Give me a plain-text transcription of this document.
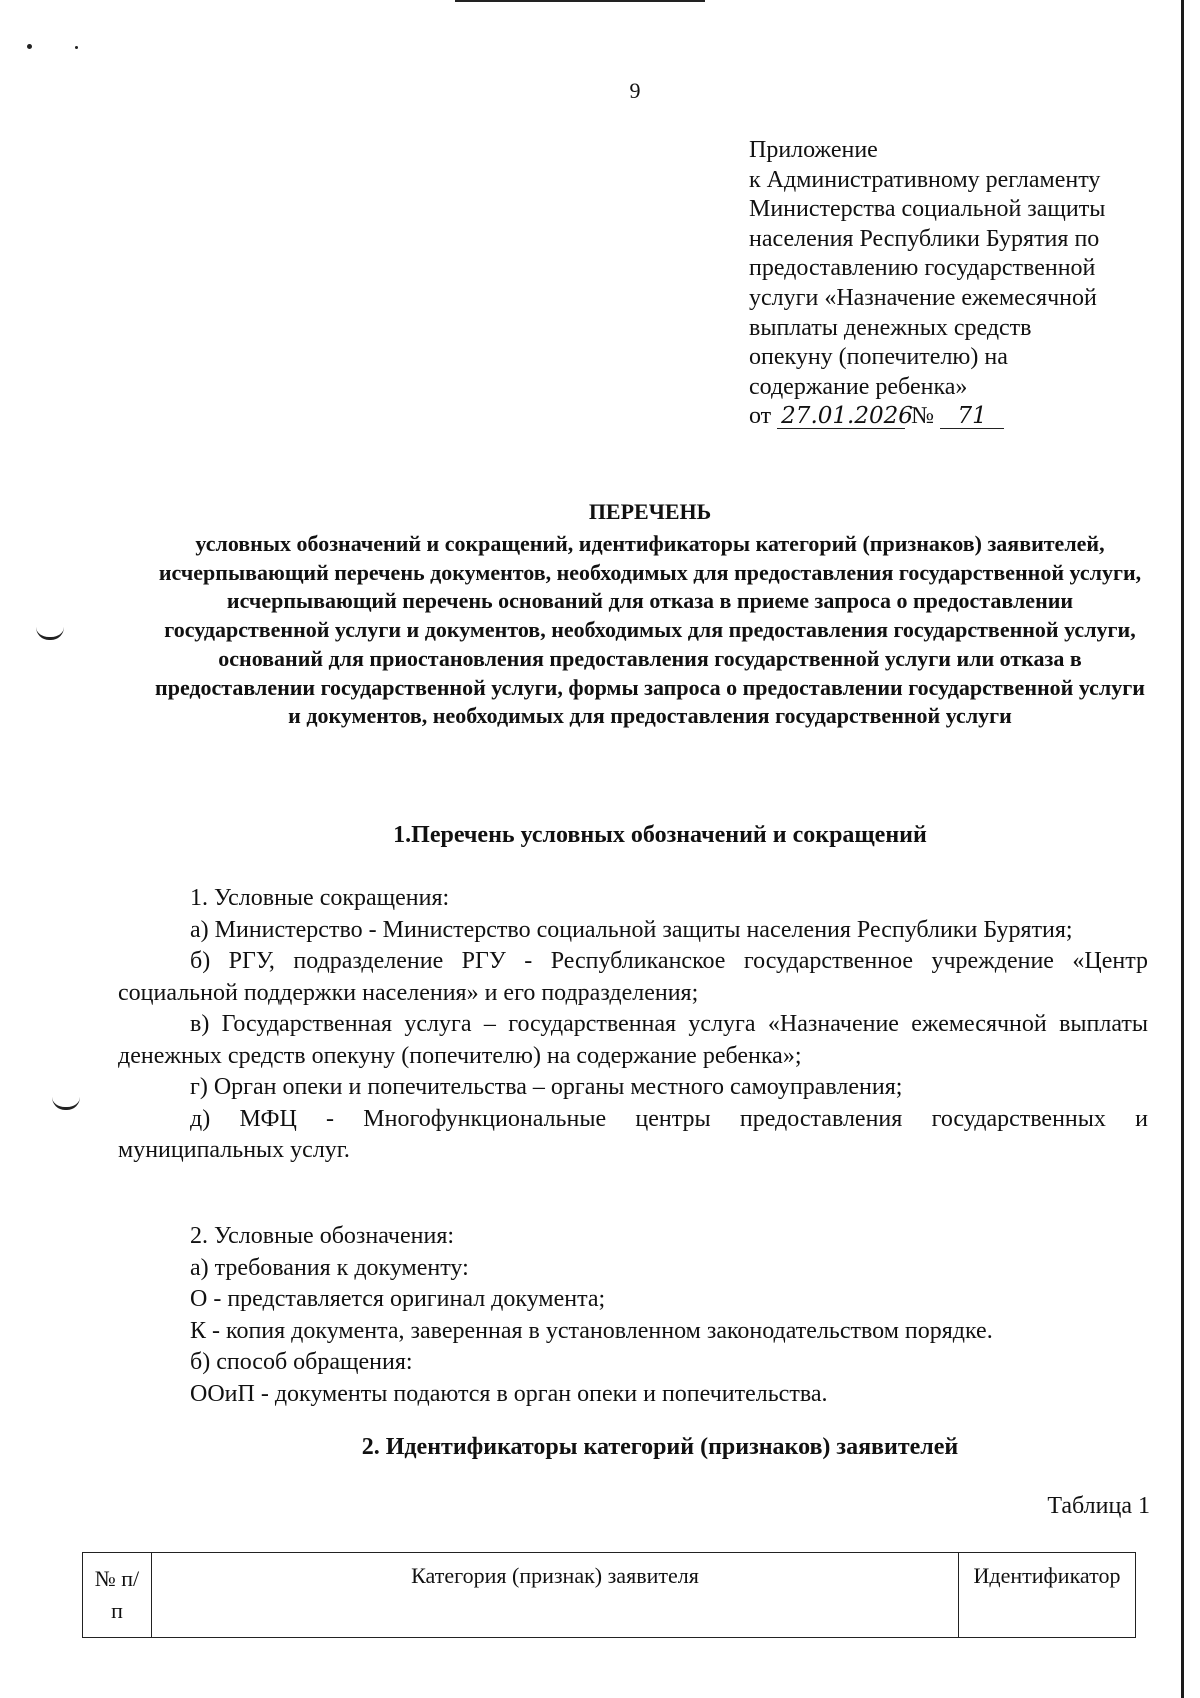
9
Приложение
к Административному регламенту
Министерства социальной защиты
населения Республики Бурятия по
предоставлению государственной
услуги «Назначение ежемесячной
выплаты денежных средств
опекуну (попечителю) на
содержание ребенка»
от 27.01.2026 № 71
ПЕРЕЧЕНЬ
условных обозначений и сокращений, идентификаторы категорий (признаков) заявителей, исчерпывающий перечень документов, необходимых для предоставления государственной услуги, исчерпывающий перечень оснований для отказа в приеме запроса о предоставлении государственной услуги и документов, необходимых для предоставления государственной услуги, оснований для приостановления предоставления государственной услуги или отказа в предоставлении государственной услуги, формы запроса о предоставлении государственной услуги и документов, необходимых для предоставления государственной услуги
1.Перечень условных обозначений и сокращений

1. Условные сокращения:

а) Министерство - Министерство социальной защиты населения Республики Бурятия;

б) РГУ, подразделение РГУ - Республиканское государственное учреждение «Центр социальной поддержки населения» и его подразделения;

в) Государственная услуга – государственная услуга «Назначение ежемесячной выплаты денежных средств опекуну (попечителю) на содержание ребенка»;

г) Орган опеки и попечительства – органы местного самоуправления;

д) МФЦ - Многофункциональные центры предоставления государственных и муниципальных услуг.

2. Условные обозначения:

а) требования к документу:

О - представляется оригинал документа;

К - копия документа, заверенная в установленном законодательством порядке.

б) способ обращения:

ООиП - документы подаются в орган опеки и попечительства.

2. Идентификаторы категорий (признаков) заявителей
Таблица 1
№ п/п	Категория (признак) заявителя	Идентификатор
